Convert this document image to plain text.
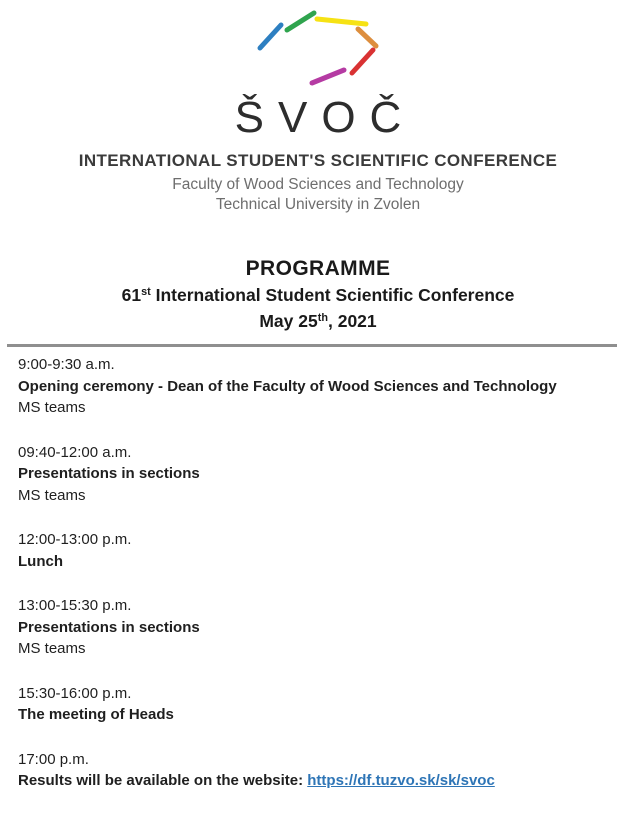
ŠVOČ
INTERNATIONAL STUDENT'S SCIENTIFIC CONFERENCE
Faculty of Wood Sciences and Technology
Technical University in Zvolen
PROGRAMME
61st International Student Scientific Conference
May 25th, 2021
9:00-9:30 a.m.
Opening ceremony - Dean of the Faculty of Wood Sciences and Technology
MS teams
09:40-12:00 a.m.
Presentations in sections
MS teams
12:00-13:00 p.m.
Lunch
13:00-15:30 p.m.
Presentations in sections
MS teams
15:30-16:00 p.m.
The meeting of Heads
17:00 p.m.
Results will be available on the website: https://df.tuzvo.sk/sk/svoc
